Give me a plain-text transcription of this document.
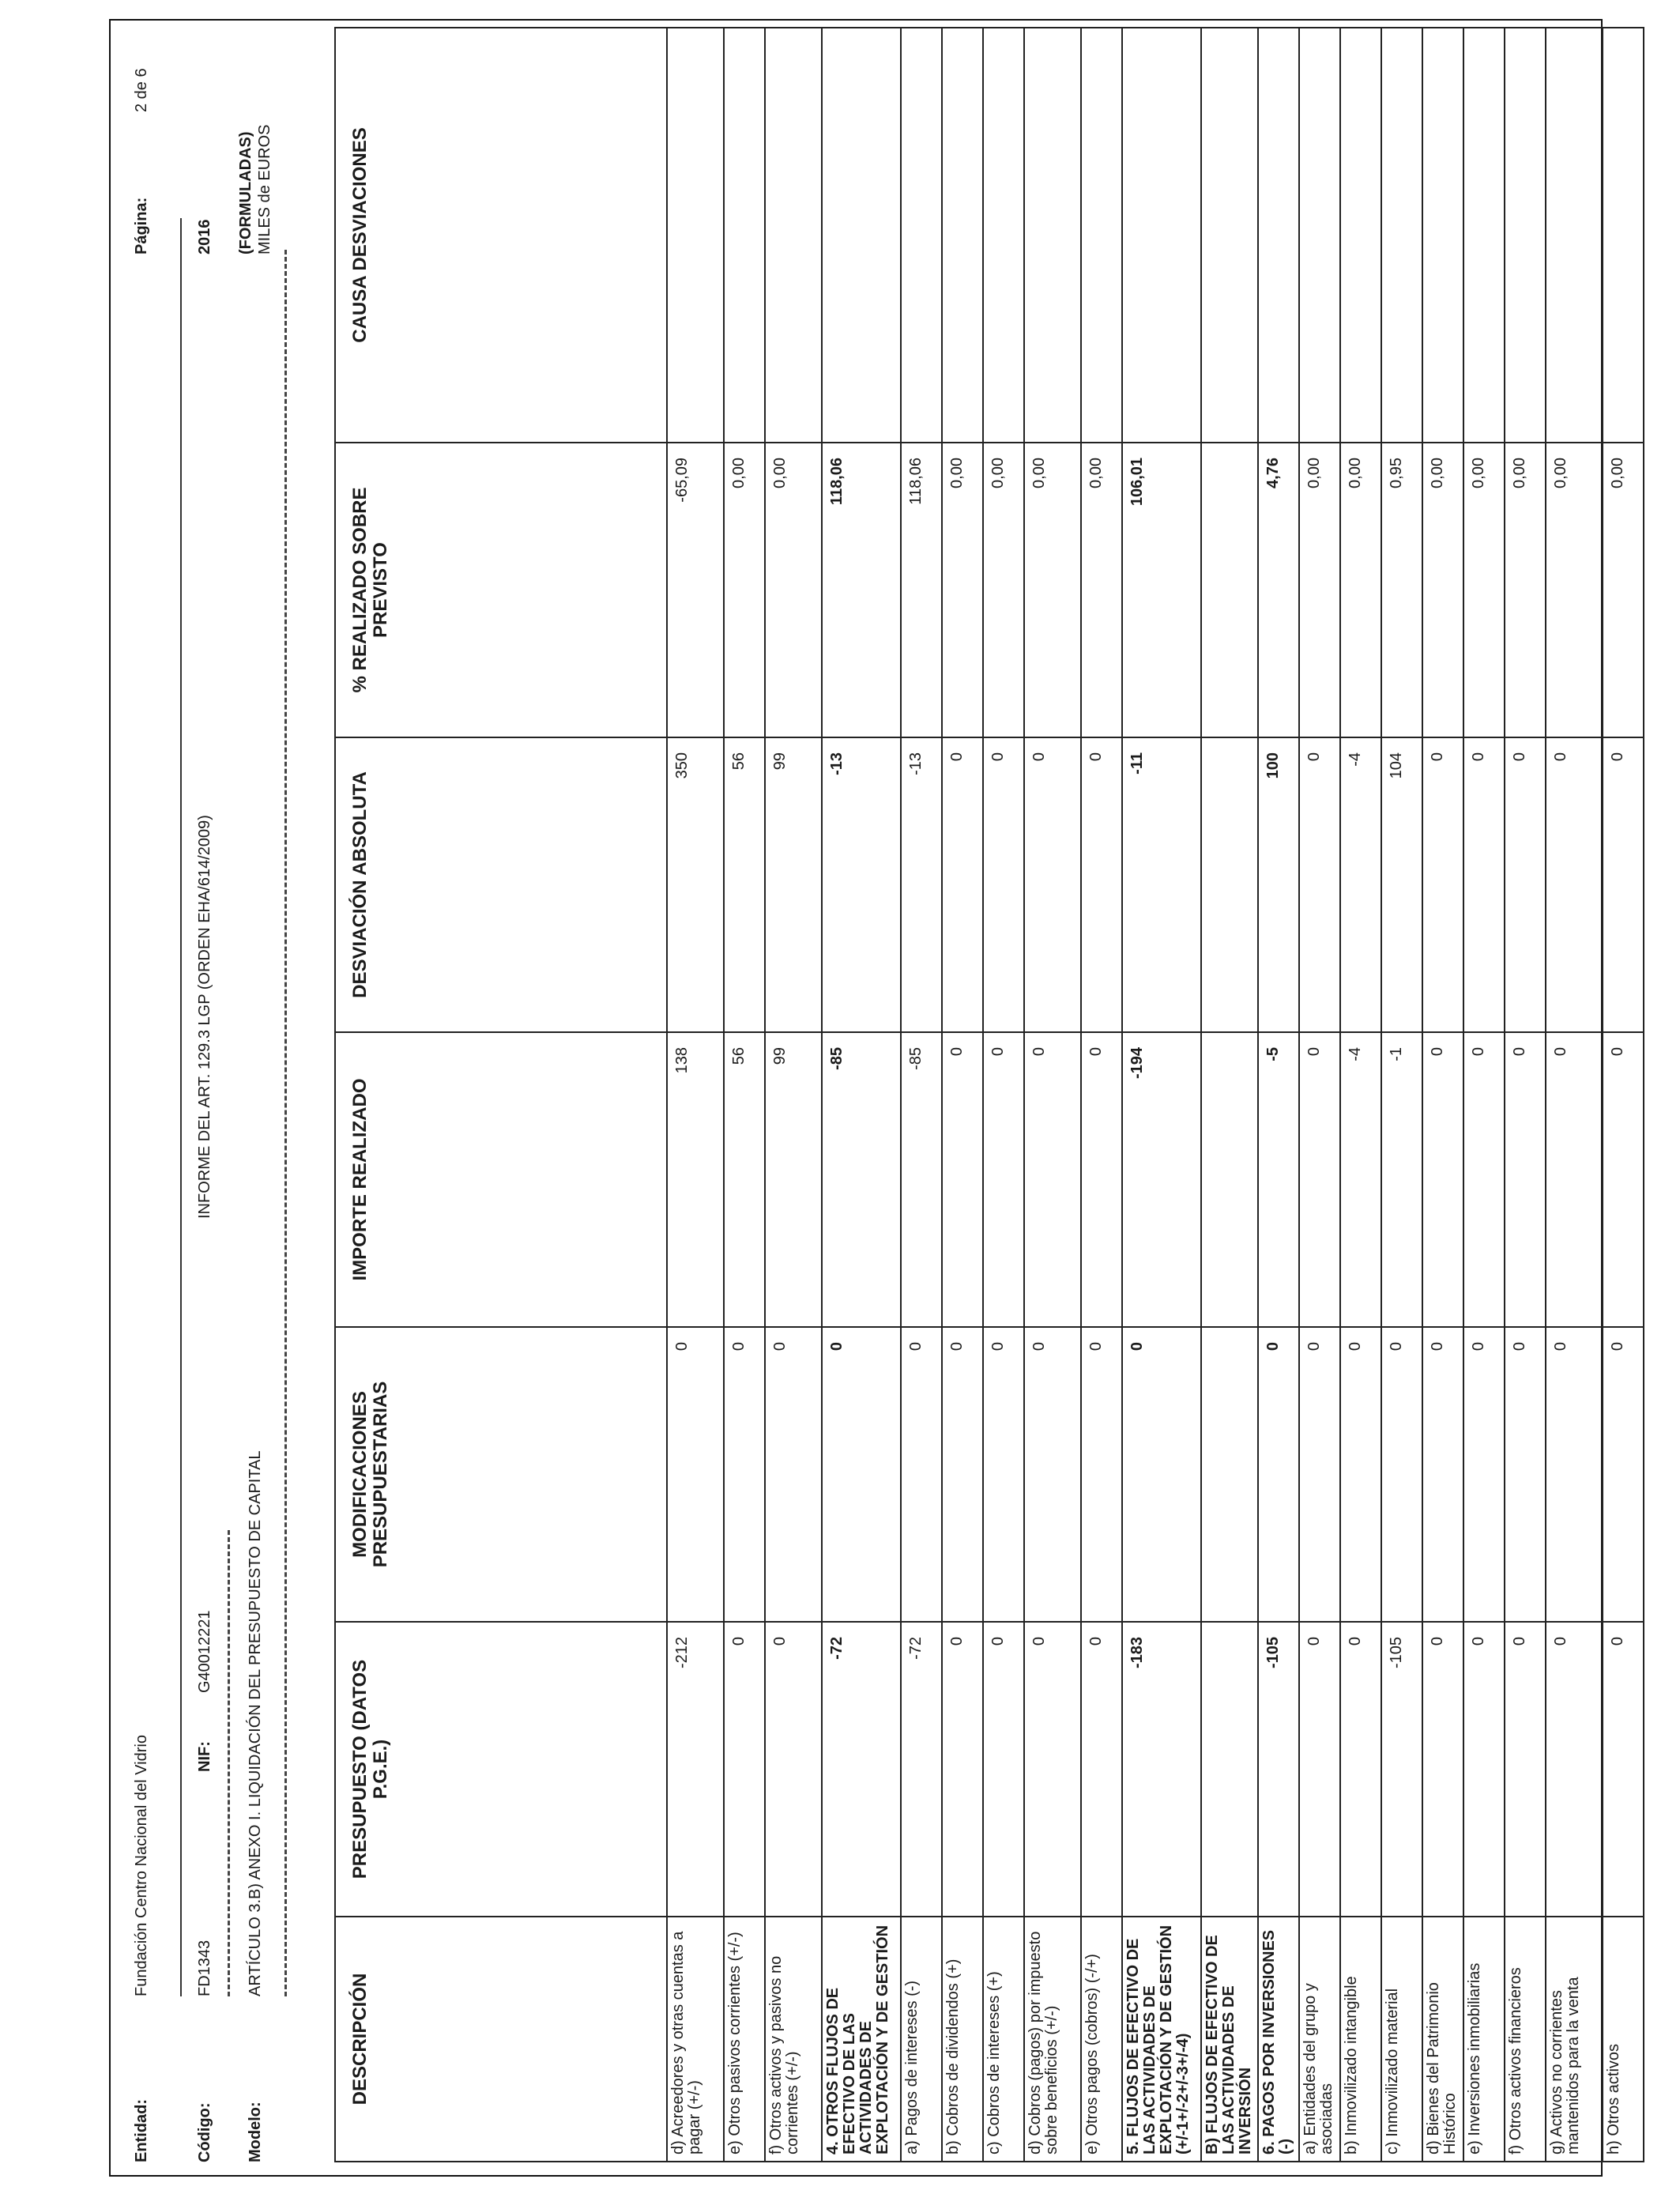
Entidad:
Fundación Centro Nacional del Vidrio
Página:
2 de 6
Código:
FD1343
NIF:
G40012221
INFORME DEL ART. 129.3 LGP (ORDEN EHA/614/2009)
2016
Modelo:
ARTÍCULO 3.B) ANEXO I. LIQUIDACIÓN DEL PRESUPUESTO DE CAPITAL
(FORMULADAS) MILES de EUROS
DESCRIPCIÓN	PRESUPUESTO (DATOS P.G.E.)	MODIFICACIONES PRESUPUESTARIAS	IMPORTE REALIZADO	DESVIACIÓN ABSOLUTA	% REALIZADO SOBRE PREVISTO	CAUSA DESVIACIONES
d) Acreedores y otras cuentas a pagar (+/-)	-212	0	138	350	-65,09	
e) Otros pasivos corrientes (+/-)	0	0	56	56	0,00	
f) Otros activos y pasivos no corrientes (+/-)	0	0	99	99	0,00	
4. OTROS FLUJOS DE EFECTIVO DE LAS ACTIVIDADES DE EXPLOTACIÓN Y DE GESTIÓN	-72	0	-85	-13	118,06	
a) Pagos de intereses (-)	-72	0	-85	-13	118,06	
b) Cobros de dividendos (+)	0	0	0	0	0,00	
c) Cobros de intereses (+)	0	0	0	0	0,00	
d) Cobros (pagos) por impuesto sobre beneficios (+/-)	0	0	0	0	0,00	
e) Otros pagos (cobros) (-/+)	0	0	0	0	0,00	
5. FLUJOS DE EFECTIVO DE LAS ACTIVIDADES DE EXPLOTACIÓN Y DE GESTIÓN (+/-1+/-2+/-3+/-4)	-183	0	-194	-11	106,01	
B) FLUJOS DE EFECTIVO DE LAS ACTIVIDADES DE INVERSIÓN						
6. PAGOS POR INVERSIONES (-)	-105	0	-5	100	4,76	
a) Entidades del grupo y asociadas	0	0	0	0	0,00	
b) Inmovilizado intangible	0	0	-4	-4	0,00	
c) Inmovilizado material	-105	0	-1	104	0,95	
d) Bienes del Patrimonio Histórico	0	0	0	0	0,00	
e) Inversiones inmobiliarias	0	0	0	0	0,00	
f) Otros activos financieros	0	0	0	0	0,00	
g) Activos no corrientes mantenidos para la venta	0	0	0	0	0,00	
h) Otros activos	0	0	0	0	0,00	
